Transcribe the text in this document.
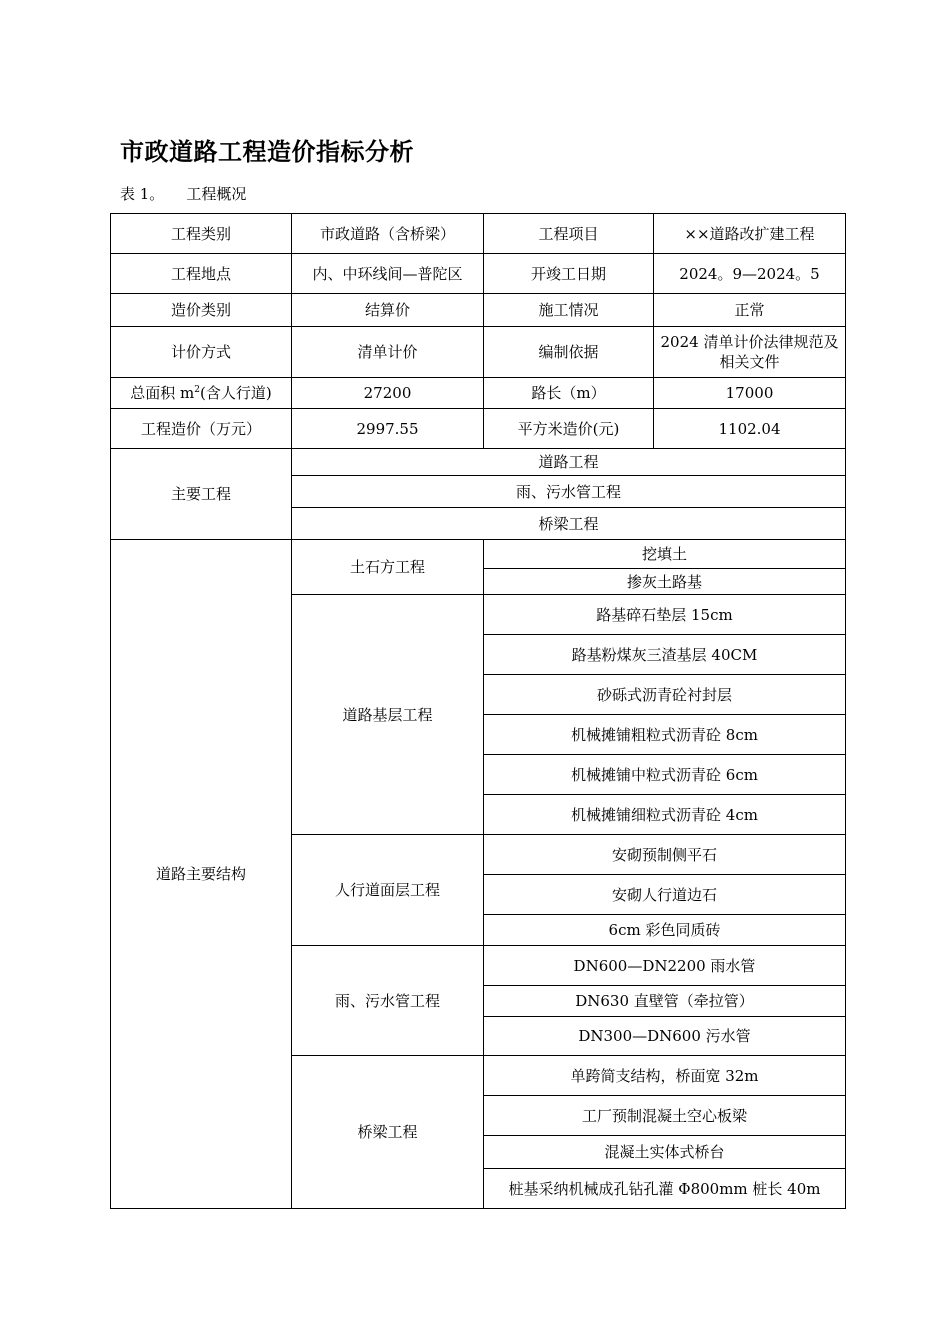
市政道路工程造价指标分析
表 1。 工程概况
工程类别	市政道路（含桥梁）	工程项目	××道路改扩建工程
工程地点	内、中环线间—普陀区	开竣工日期	2024。9—2024。5
造价类别	结算价	施工情况	正常
计价方式	清单计价	编制依据	2024 清单计价法律规范及相关文件
总面积 $m^2$(含人行道)	27200	路长（m）	17000
工程造价（万元）	2997.55	平方米造价(元)	1102.04
主要工程	道路工程		
	雨、污水管工程		
	桥梁工程		
道路主要结构	土石方工程	挖填土	
		掺灰土路基	
	道路基层工程	路基碎石垫层 15cm	
		路基粉煤灰三渣基层 40CM	
		砂砾式沥青砼衬封层	
		机械摊铺粗粒式沥青砼 8cm	
		机械摊铺中粒式沥青砼 6cm	
		机械摊铺细粒式沥青砼 4cm	
	人行道面层工程	安砌预制侧平石	
		安砌人行道边石	
		6cm 彩色同质砖	
	雨、污水管工程	DN600—DN2200 雨水管	
		DN630 直壁管（牵拉管）	
		DN300—DN600 污水管	
	桥梁工程	单跨简支结构，桥面宽 32m	
		工厂预制混凝土空心板梁	
		混凝土实体式桥台	
		桩基采纳机械成孔钻孔灌 Φ800mm 桩长 40m	
